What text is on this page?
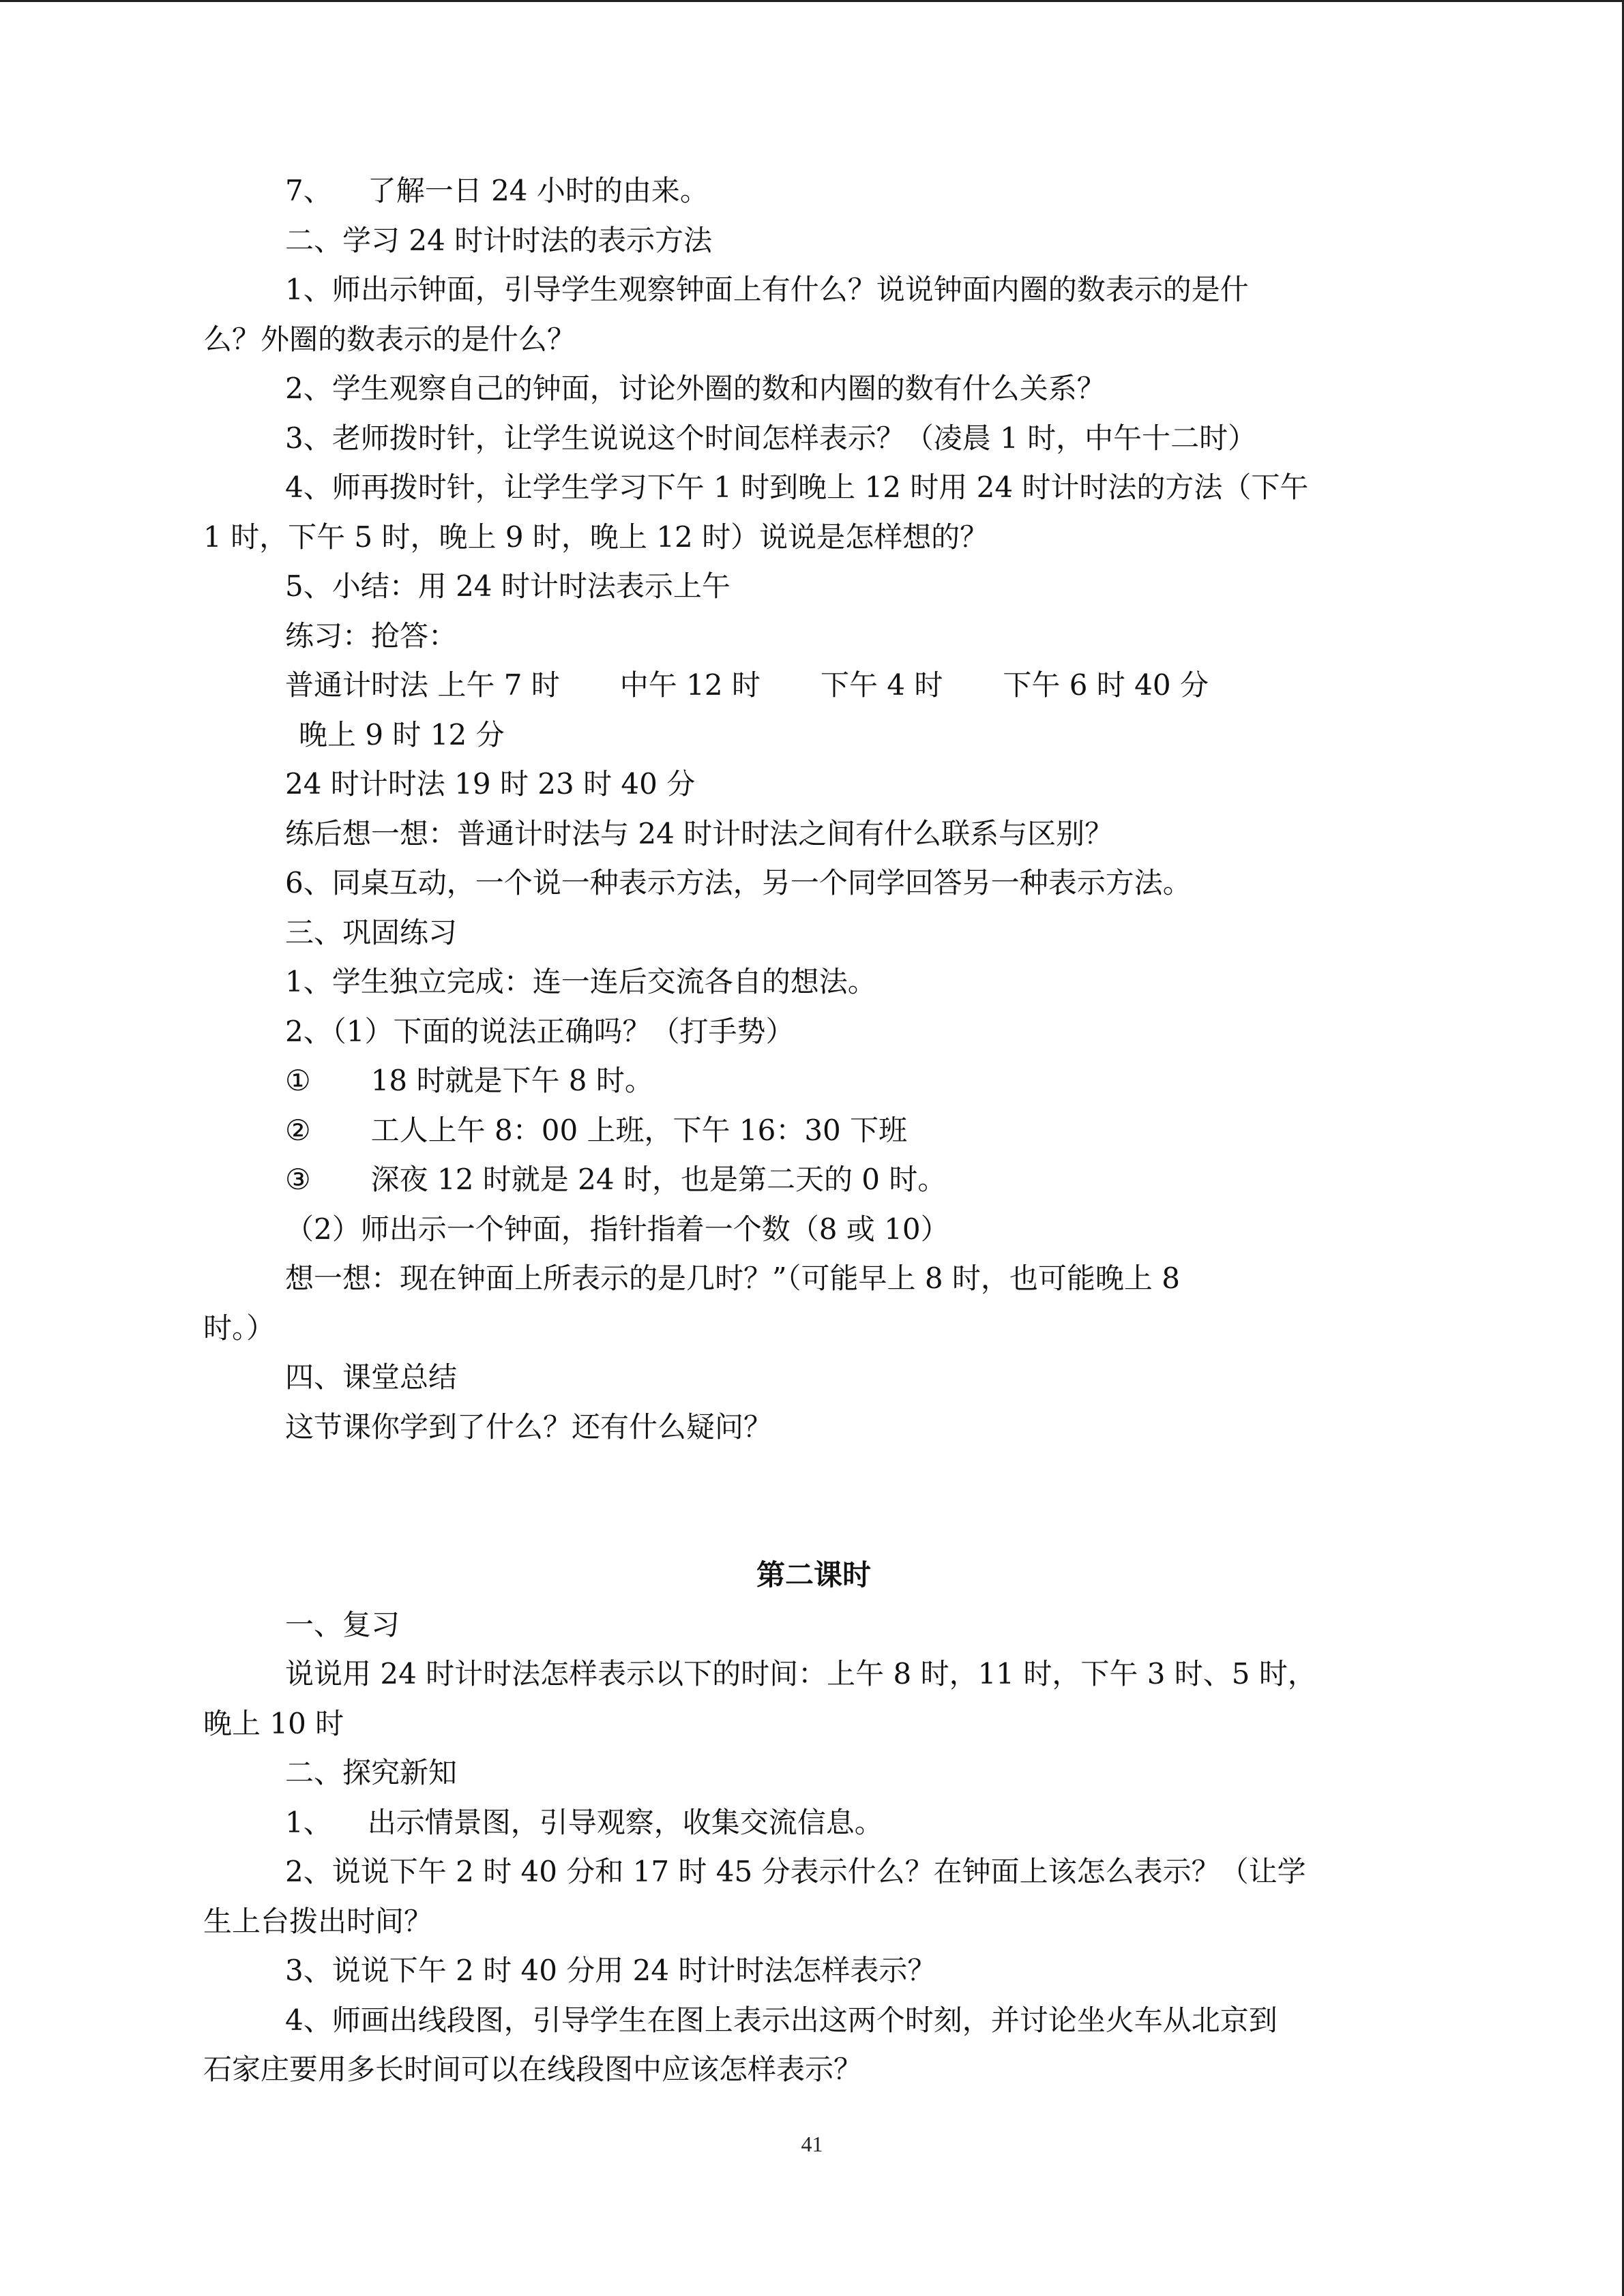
7、 了解一日 24 小时的由来。
二、学习 24 时计时法的表示方法
1、师出示钟面，引导学生观察钟面上有什么？说说钟面内圈的数表示的是什
么？外圈的数表示的是什么？
2、学生观察自己的钟面，讨论外圈的数和内圈的数有什么关系？
3、老师拨时针，让学生说说这个时间怎样表示？（凌晨 1 时，中午十二时）
4、师再拨时针，让学生学习下午 1 时到晚上 12 时用 24 时计时法的方法（下午
1 时，下午 5 时，晚上 9 时，晚上 12 时）说说是怎样想的？
5、小结：用 24 时计时法表示上午
练习：抢答：
普通计时法 上午 7 时 中午 12 时 下午 4 时 下午 6 时 40 分
晚上 9 时 12 分
24 时计时法 19 时 23 时 40 分
练后想一想：普通计时法与 24 时计时法之间有什么联系与区别？
6、同桌互动，一个说一种表示方法，另一个同学回答另一种表示方法。
三、巩固练习
1、学生独立完成：连一连后交流各自的想法。
2、（1）下面的说法正确吗？（打手势）
① 18 时就是下午 8 时。
② 工人上午 8：00 上班，下午 16：30 下班
③ 深夜 12 时就是 24 时，也是第二天的 0 时。
（2）师出示一个钟面，指针指着一个数（8 或 10）
想一想：现在钟面上所表示的是几时？”（可能早上 8 时，也可能晚上 8
时。）
四、课堂总结
这节课你学到了什么？还有什么疑问？
第二课时
一、复习
说说用 24 时计时法怎样表示以下的时间：上午 8 时，11 时，下午 3 时、5 时，
晚上 10 时
二、探究新知
1、 出示情景图，引导观察，收集交流信息。
2、说说下午 2 时 40 分和 17 时 45 分表示什么？在钟面上该怎么表示？（让学
生上台拨出时间？
3、说说下午 2 时 40 分用 24 时计时法怎样表示？
4、师画出线段图，引导学生在图上表示出这两个时刻，并讨论坐火车从北京到
石家庄要用多长时间可以在线段图中应该怎样表示？
41
